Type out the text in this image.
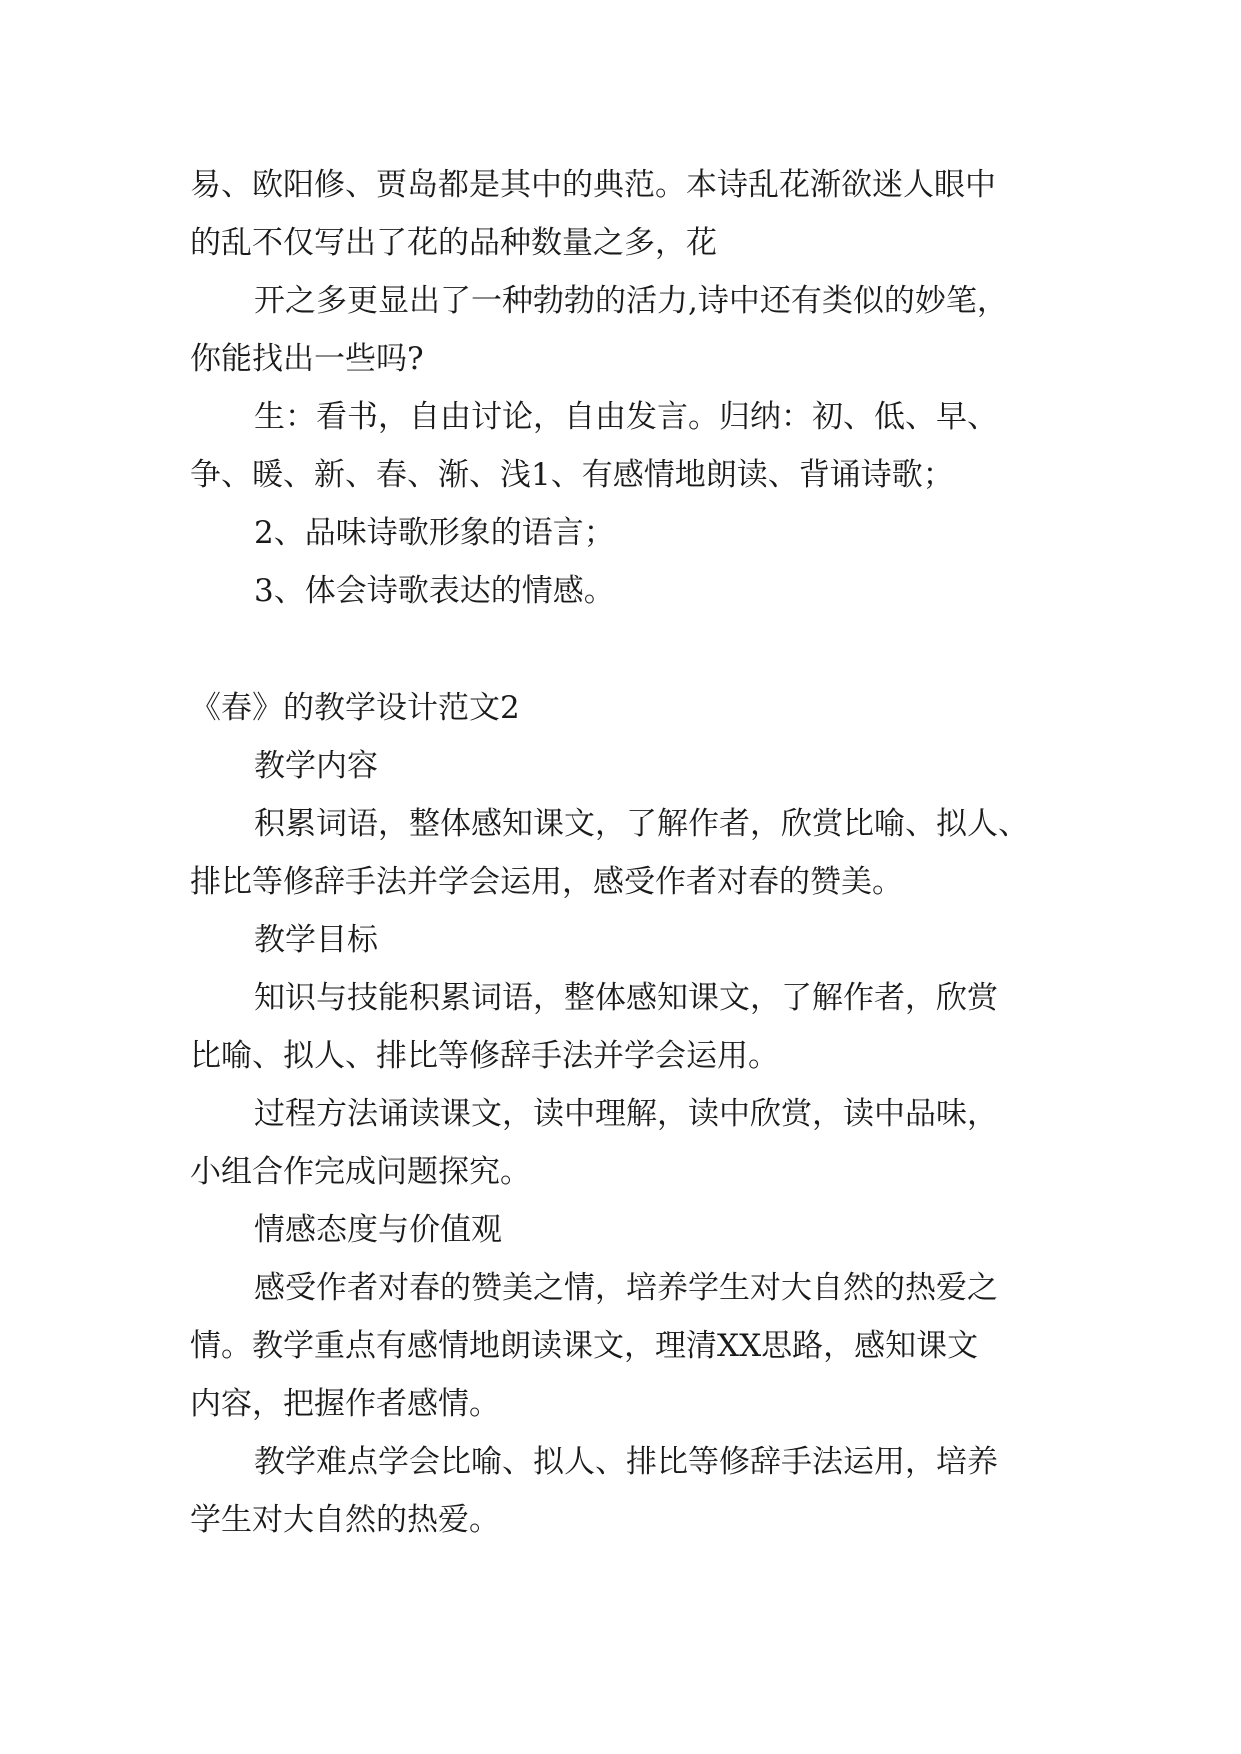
易、欧阳修、贾岛都是其中的典范。本诗乱花渐欲迷人眼中

的乱不仅写出了花的品种数量之多，花

开之多更显出了一种勃勃的活力,诗中还有类似的妙笔，

你能找出一些吗?

生：看书，自由讨论，自由发言。归纳：初、低、早、

争、暖、新、春、渐、浅1、有感情地朗读、背诵诗歌；

2、品味诗歌形象的语言；

3、体会诗歌表达的情感。

《春》的教学设计范文2

教学内容

积累词语，整体感知课文，了解作者，欣赏比喻、拟人、

排比等修辞手法并学会运用，感受作者对春的赞美。

教学目标

知识与技能积累词语，整体感知课文，了解作者，欣赏

比喻、拟人、排比等修辞手法并学会运用。

过程方法诵读课文，读中理解，读中欣赏，读中品味，

小组合作完成问题探究。

情感态度与价值观

感受作者对春的赞美之情，培养学生对大自然的热爱之

情。教学重点有感情地朗读课文，理清XX思路，感知课文

内容，把握作者感情。

教学难点学会比喻、拟人、排比等修辞手法运用，培养

学生对大自然的热爱。
